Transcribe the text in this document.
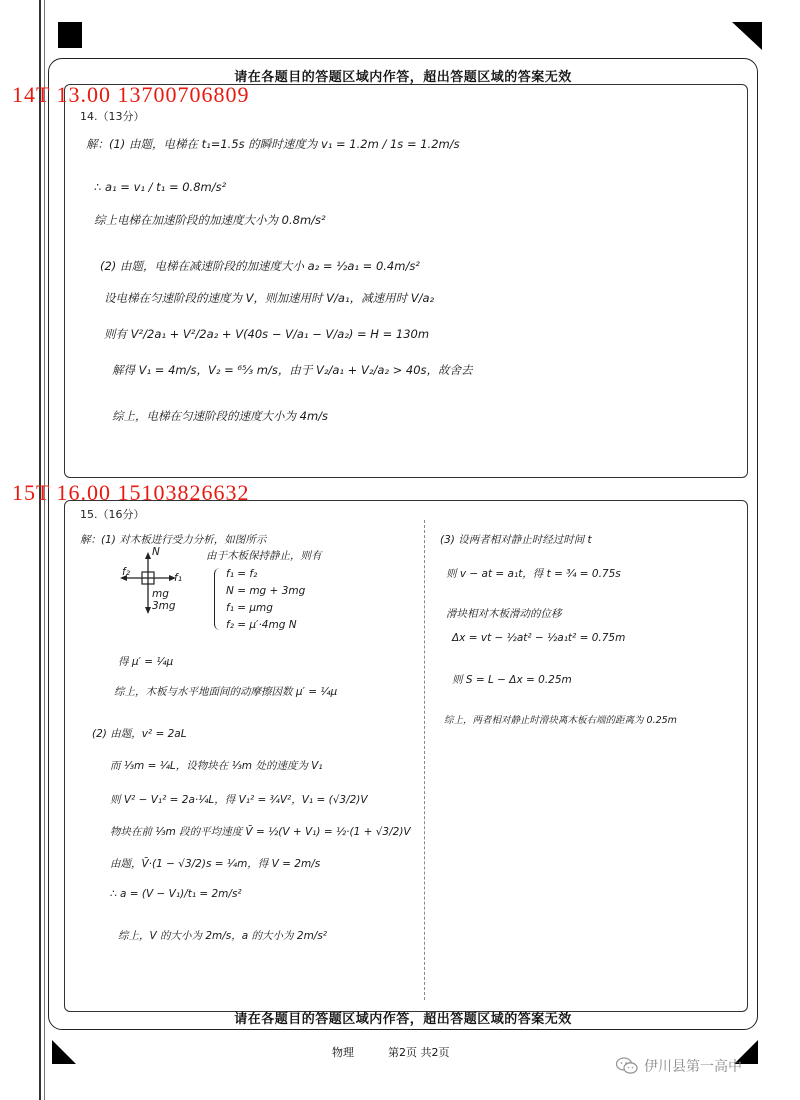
请在各题目的答题区域内作答，超出答题区域的答案无效
14T 13.00 13700706809
14.（13分）
解：(1) 由题，电梯在 t₁=1.5s 的瞬时速度为 v₁ = 1.2m / 1s = 1.2m/s
∴ a₁ = v₁ / t₁ = 0.8m/s²
综上电梯在加速阶段的加速度大小为 0.8m/s²
(2) 由题，电梯在减速阶段的加速度大小 a₂ = ½a₁ = 0.4m/s²
设电梯在匀速阶段的速度为 V，则加速用时 V/a₁，减速用时 V/a₂
则有 V²/2a₁ + V²/2a₂ + V(40s − V/a₁ − V/a₂) = H = 130m
解得 V₁ = 4m/s，V₂ = ⁶⁵⁄₃ m/s，由于 V₂/a₁ + V₂/a₂ > 40s，故舍去
综上，电梯在匀速阶段的速度大小为 4m/s
15T 16.00 15103826632
15.（16分）
解：(1) 对木板进行受力分析，如图所示
N
f₂	f₁
mg
3mg
由于木板保持静止，则有
f₁ = f₂
N = mg + 3mg
f₁ = μmg
f₂ = μ′·4mg N
得 μ′ = ¼μ
综上，木板与水平地面间的动摩擦因数 μ′ = ¼μ
(2) 由题，v² = 2aL
而 ⅓m = ¼L，设物块在 ⅓m 处的速度为 V₁
则 V² − V₁² = 2a·¼L，得 V₁² = ¾V²，V₁ = (√3/2)V
物块在前 ⅓m 段的平均速度 V̄ = ½(V + V₁) = ½·(1 + √3/2)V
由题，V̄·(1 − √3/2)s = ¼m，得 V = 2m/s
∴ a = (V − V₁)/t₁ = 2m/s²
综上，V 的大小为 2m/s，a 的大小为 2m/s²
(3) 设两者相对静止时经过时间 t
则 v − at = a₁t，得 t = ³⁄₄ = 0.75s
滑块相对木板滑动的位移
Δx = vt − ½at² − ½a₁t² = 0.75m
则 S = L − Δx = 0.25m
综上，两者相对静止时滑块离木板右端的距离为 0.25m
请在各题目的答题区域内作答，超出答题区域的答案无效
物理	第2页 共2页
伊川县第一高中
